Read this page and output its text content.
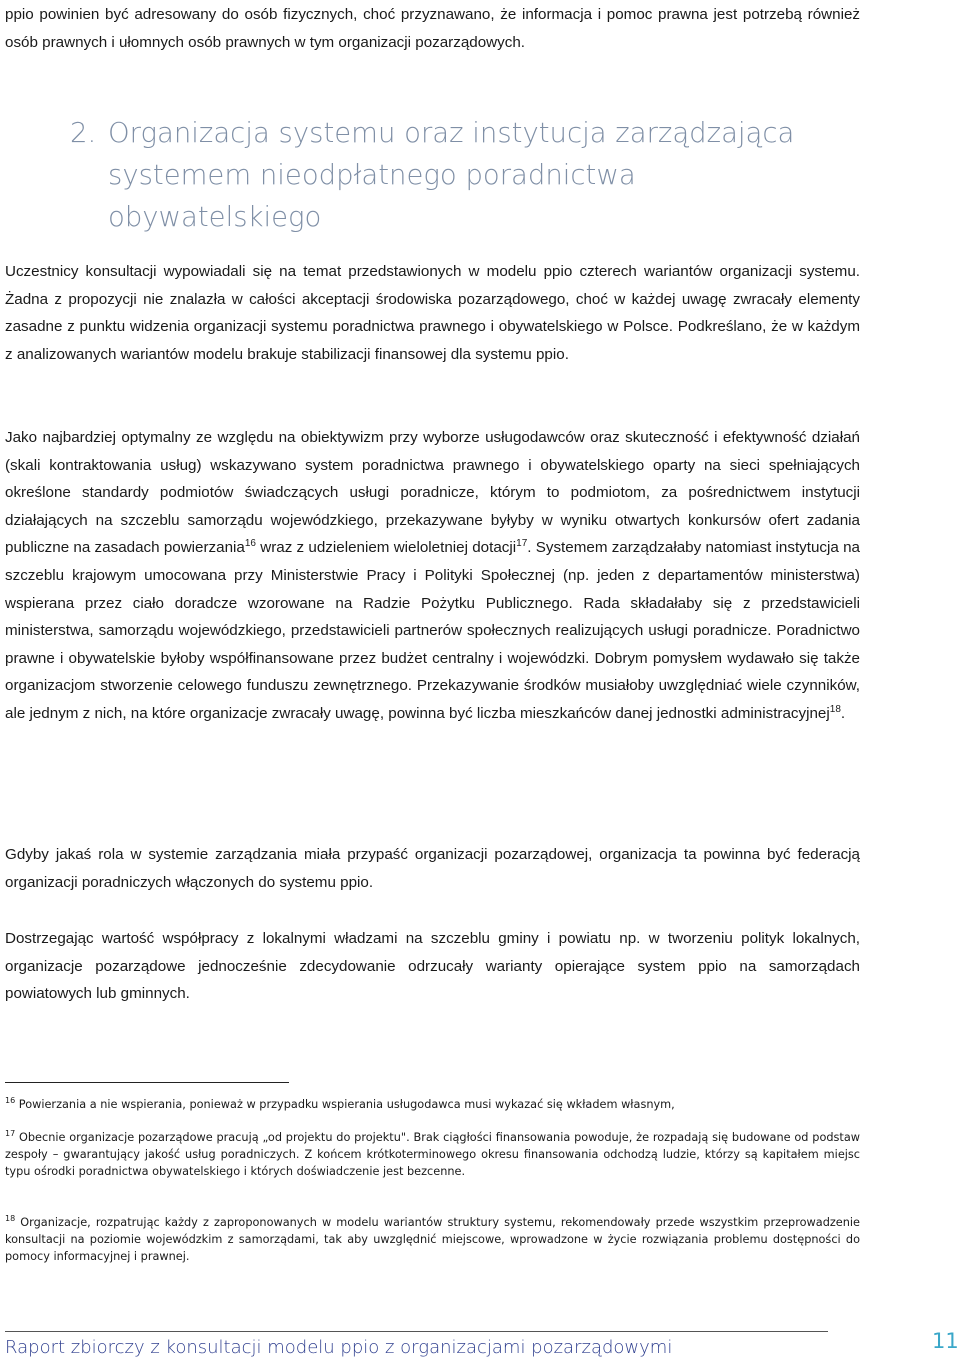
ppio powinien być adresowany do osób fizycznych, choć przyznawano, że informacja i pomoc prawna jest potrzebą również osób prawnych i ułomnych osób prawnych w tym organizacji pozarządowych.

2. Organizacja systemu oraz instytucja zarządzająca systemem nieodpłatnego poradnictwa obywatelskiego

Uczestnicy konsultacji wypowiadali się na temat przedstawionych w modelu ppio czterech wariantów organizacji systemu. Żadna z propozycji nie znalazła w całości akceptacji środowiska pozarządowego, choć w każdej uwagę zwracały elementy zasadne z punktu widzenia organizacji systemu poradnictwa prawnego i obywatelskiego w Polsce. Podkreślano, że w każdym z analizowanych wariantów modelu brakuje stabilizacji finansowej dla systemu ppio.

Jako najbardziej optymalny ze względu na obiektywizm przy wyborze usługodawców oraz skuteczność i efektywność działań (skali kontraktowania usług) wskazywano system poradnictwa prawnego i obywatelskiego oparty na sieci spełniających określone standardy podmiotów świadczących usługi poradnicze, którym to podmiotom, za pośrednictwem instytucji działających na szczeblu samorządu wojewódzkiego, przekazywane byłyby w wyniku otwartych konkursów ofert zadania publiczne na zasadach powierzania$^{16}$ wraz z udzieleniem wieloletniej dotacji$^{17}$. Systemem zarządzałaby natomiast instytucja na szczeblu krajowym umocowana przy Ministerstwie Pracy i Polityki Społecznej (np. jeden z departamentów ministerstwa) wspierana przez ciało doradcze wzorowane na Radzie Pożytku Publicznego. Rada składałaby się z przedstawicieli ministerstwa, samorządu wojewódzkiego, przedstawicieli partnerów społecznych realizujących usługi poradnicze. Poradnictwo prawne i obywatelskie byłoby współfinansowane przez budżet centralny i wojewódzki. Dobrym pomysłem wydawało się także organizacjom stworzenie celowego funduszu zewnętrznego. Przekazywanie środków musiałoby uwzględniać wiele czynników, ale jednym z nich, na które organizacje zwracały uwagę, powinna być liczba mieszkańców danej jednostki administracyjnej$^{18}$.

Gdyby jakaś rola w systemie zarządzania miała przypaść organizacji pozarządowej, organizacja ta powinna być federacją organizacji poradniczych włączonych do systemu ppio.

Dostrzegając wartość współpracy z lokalnymi władzami na szczeblu gminy i powiatu np. w tworzeniu polityk lokalnych, organizacje pozarządowe jednocześnie zdecydowanie odrzucały warianty opierające system ppio na samorządach powiatowych lub gminnych.

$^{16}$ Powierzania a nie wspierania, ponieważ w przypadku wspierania usługodawca musi wykazać się wkładem własnym,

$^{17}$ Obecnie organizacje pozarządowe pracują „od projektu do projektu". Brak ciągłości finansowania powoduje, że rozpadają się budowane od podstaw zespoły – gwarantujący jakość usług poradniczych. Z końcem krótkoterminowego okresu finansowania odchodzą ludzie, którzy są kapitałem miejsc typu ośrodki poradnictwa obywatelskiego i których doświadczenie jest bezcenne.

$^{18}$ Organizacje, rozpatrując każdy z zaproponowanych w modelu wariantów struktury systemu, rekomendowały przede wszystkim przeprowadzenie konsultacji na poziomie wojewódzkim z samorządami, tak aby uwzględnić miejscowe, wprowadzone w życie rozwiązania problemu dostępności do pomocy informacyjnej i prawnej.

Raport zbiorczy z konsultacji modelu ppio z organizacjami pozarządowymi	11
